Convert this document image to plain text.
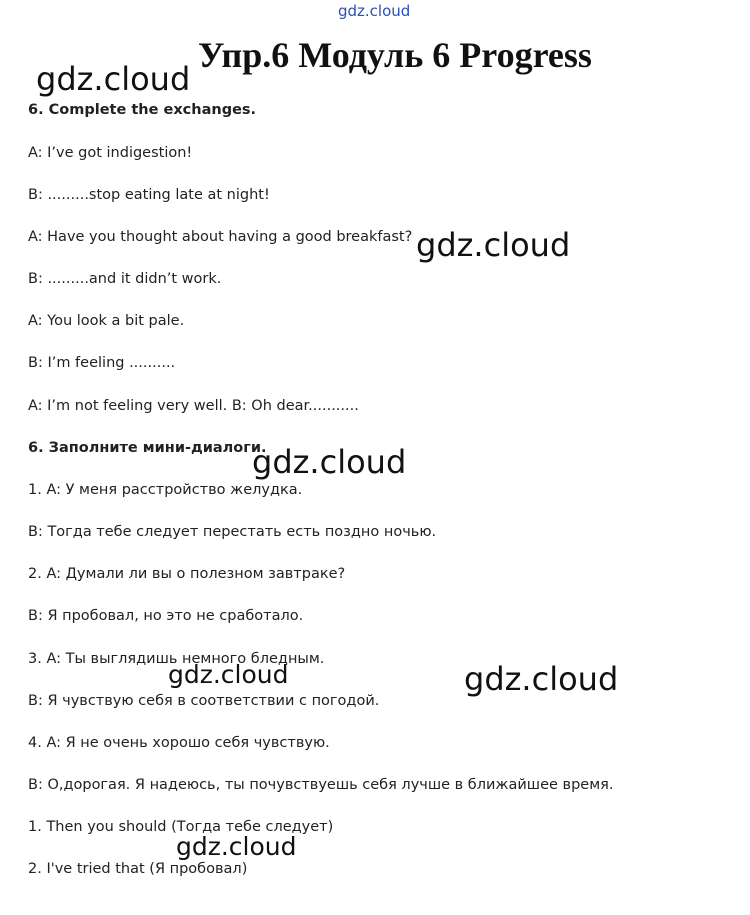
gdz.cloud
Упр.6 Модуль 6 Progress
6. Complete the exchanges.
A: I’ve got indigestion!
B: .........stop eating late at night!
A: Have you thought about having a good breakfast?
B: .........and it didn’t work.
A: You look a bit pale.
B: I’m feeling ..........
A: I’m not feeling very well. B: Oh dear...........
6. Заполните мини-диалоги.
1. A: У меня расстройство желудка.
B: Тогда тебе следует перестать есть поздно ночью.
2. A: Думали ли вы о полезном завтраке?
B: Я пробовал, но это не сработало.
3. A: Ты выглядишь немного бледным.
B: Я чувствую себя в соответствии с погодой.
4. A: Я не очень хорошо себя чувствую.
B: О,дорогая. Я надеюсь, ты почувствуешь себя лучше в ближайшее время.
1. Then you should (Тогда тебе следует)
2. I've tried that (Я пробовал)
gdz.cloud
gdz.cloud
gdz.cloud
gdz.cloud	gdz.cloud
gdz.cloud
